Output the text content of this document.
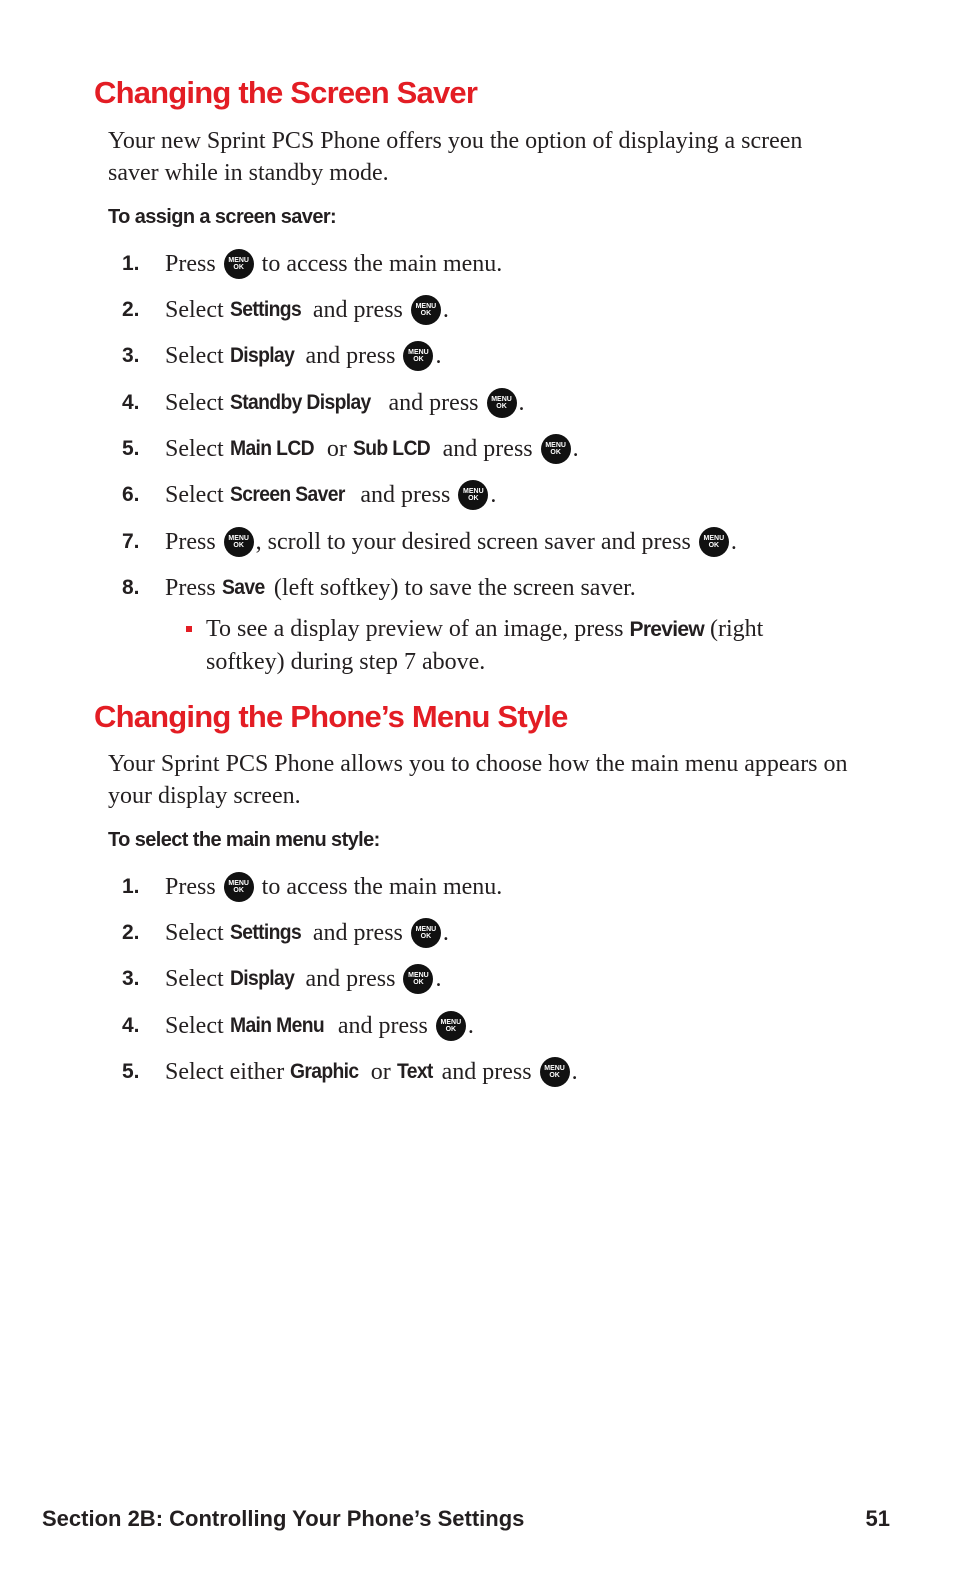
Changing the Screen Saver

Your new Sprint PCS Phone offers you the option of displaying a screen saver while in standby mode.

To assign a screen saver:

1.	Press MENU
OK to access the main menu.
2.	Select Settings and press MENU
OK .
3.	Select Display and press MENU
OK .
4.	Select Standby Display and press MENU
OK .
5.	Select Main LCD or Sub LCD and press MENU
OK .
6.	Select Screen Saver and press MENU
OK .
7.	Press MENU
OK , scroll to your desired screen saver and press MENU
OK .
8.	Press Save (left softkey) to save the screen saver.
To see a display preview of an image, press Preview (right softkey) during step 7 above.
Changing the Phone’s Menu Style

Your Sprint PCS Phone allows you to choose how the main menu appears on your display screen.

To select the main menu style:

1.	Press MENU
OK to access the main menu.
2.	Select Settings and press MENU
OK .
3.	Select Display and press MENU
OK .
4.	Select Main Menu and press MENU
OK .
5.	Select either Graphic or Text and press MENU
OK .
Section 2B: Controlling Your Phone’s Settings	51
